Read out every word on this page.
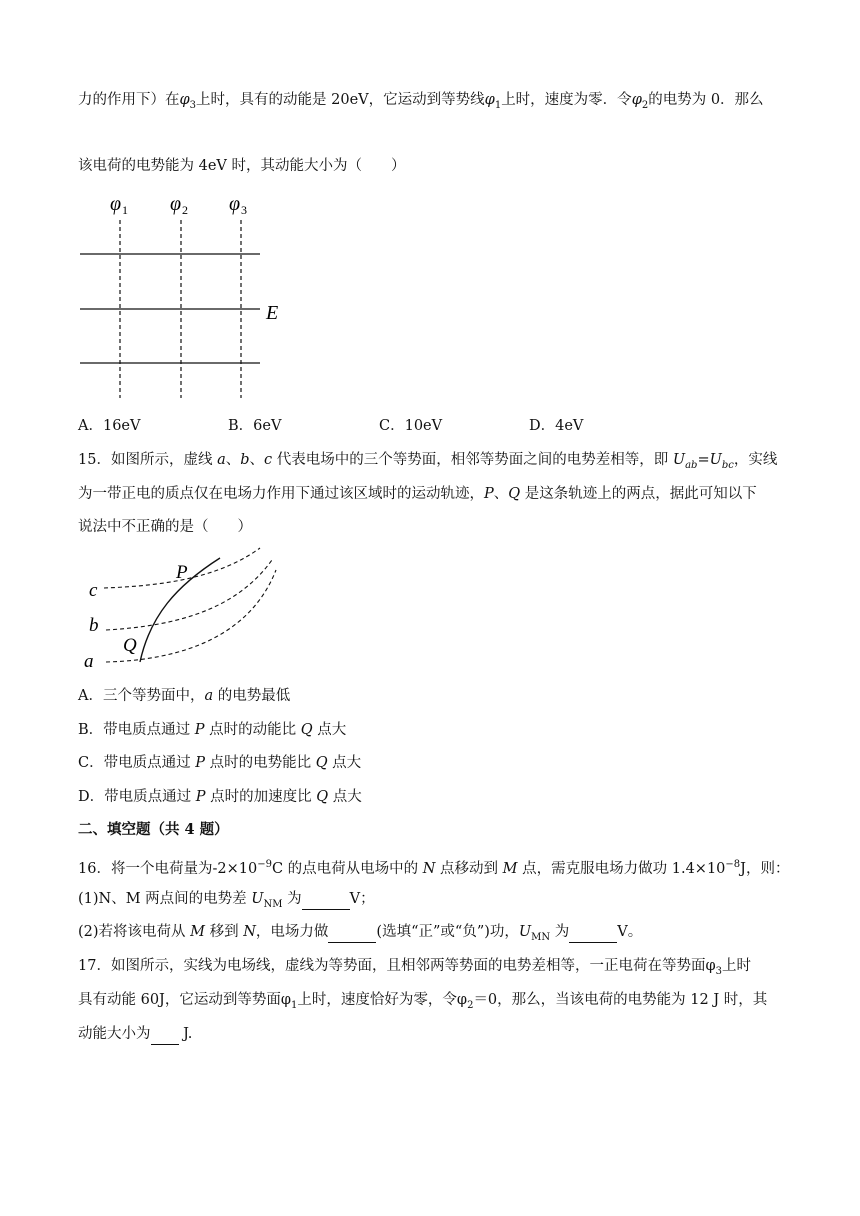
力的作用下）在$\varphi_3$上时，具有的动能是 20eV，它运动到等势线$\varphi_1$上时，速度为零．令$\varphi_2$的电势为 0．那么
该电荷的电势能为 4eV 时，其动能大小为（　　）
φ 1 φ 2 φ 3
E
A．16eV	B．6eV	C．10eV	D．4eV
15．如图所示，虚线 a、b、c 代表电场中的三个等势面，相邻等势面之间的电势差相等，即 $U_{ab}=U_{bc}$，实线
为一带正电的质点仅在电场力作用下通过该区域时的运动轨迹，P、Q 是这条轨迹上的两点，据此可知以下
说法中不正确的是（　　）
P
Q
c
b
a
A．三个等势面中，a 的电势最低
B．带电质点通过 P 点时的动能比 Q 点大
C．带电质点通过 P 点时的电势能比 Q 点大
D．带电质点通过 P 点时的加速度比 Q 点大
二、填空题（共 4 题）
16．将一个电荷量为$-2\times 10^{-9}C$ 的点电荷从电场中的 N 点移动到 M 点，需克服电场力做功 $1.4\times 10^{-8}J$，则：
(1)N、M 两点间的电势差 $U_{NM}$ 为	V；
(2)若将该电荷从 M 移到 N，电场力做	(选填“正”或“负”)功，$U_{MN}$ 为	V。
17．如图所示，实线为电场线，虚线为等势面，且相邻两等势面的电势差相等，一正电荷在等势面$\varphi_3$上时
具有动能 60J，它运动到等势面$\varphi_1$上时，速度恰好为零，令$\varphi_2=0$，那么，当该电荷的电势能为 12 J 时，其
动能大小为  J.
